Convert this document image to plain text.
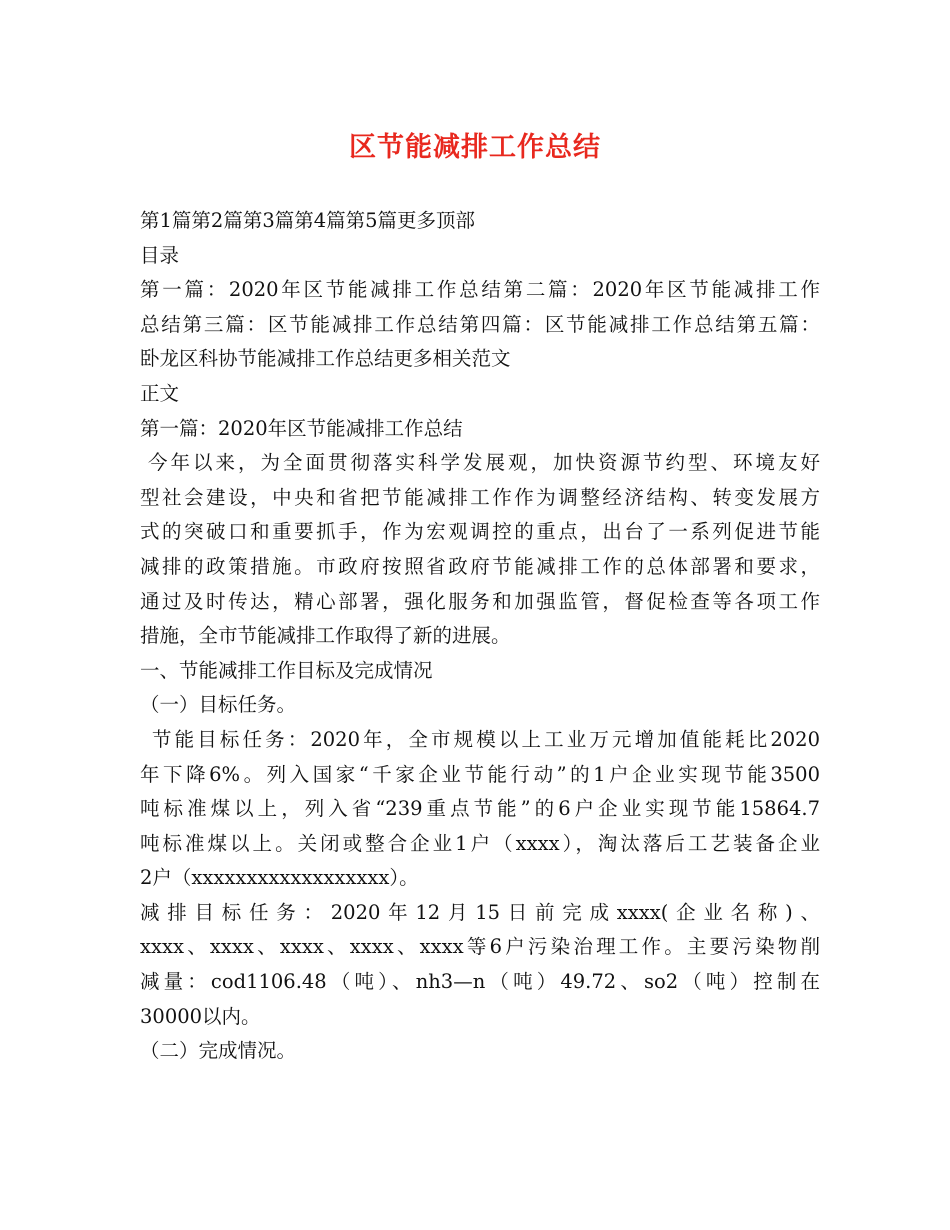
区节能减排工作总结
第1篇第2篇第3篇第4篇第5篇更多顶部
目录
第一篇：2020年区节能减排工作总结第二篇：2020年区节能减排工作
总结第三篇：区节能减排工作总结第四篇：区节能减排工作总结第五篇：
卧龙区科协节能减排工作总结更多相关范文
正文
第一篇：2020年区节能减排工作总结
今年以来，为全面贯彻落实科学发展观，加快资源节约型、环境友好
型社会建设，中央和省把节能减排工作作为调整经济结构、转变发展方
式的突破口和重要抓手，作为宏观调控的重点，出台了一系列促进节能
减排的政策措施。市政府按照省政府节能减排工作的总体部署和要求，
通过及时传达，精心部署，强化服务和加强监管，督促检查等各项工作
措施，全市节能减排工作取得了新的进展。
一、节能减排工作目标及完成情况
（一）目标任务。
节能目标任务：2020年，全市规模以上工业万元增加值能耗比2020
年下降6%。列入国家“千家企业节能行动”的1户企业实现节能3500
吨标准煤以上，列入省“239重点节能”的6户企业实现节能15864.7
吨标准煤以上。关闭或整合企业1户（xxxx），淘汰落后工艺装备企业
2户（xxxxxxxxxxxxxxxxxx）。
减排目标任务：2020年12月15日前完成xxxx(企业名称)、
xxxx、xxxx、xxxx、xxxx、xxxx等6户污染治理工作。主要污染物削
减量：cod1106.48（吨）、nh3—n（吨）49.72、so2（吨）控制在
30000以内。
（二）完成情况。
